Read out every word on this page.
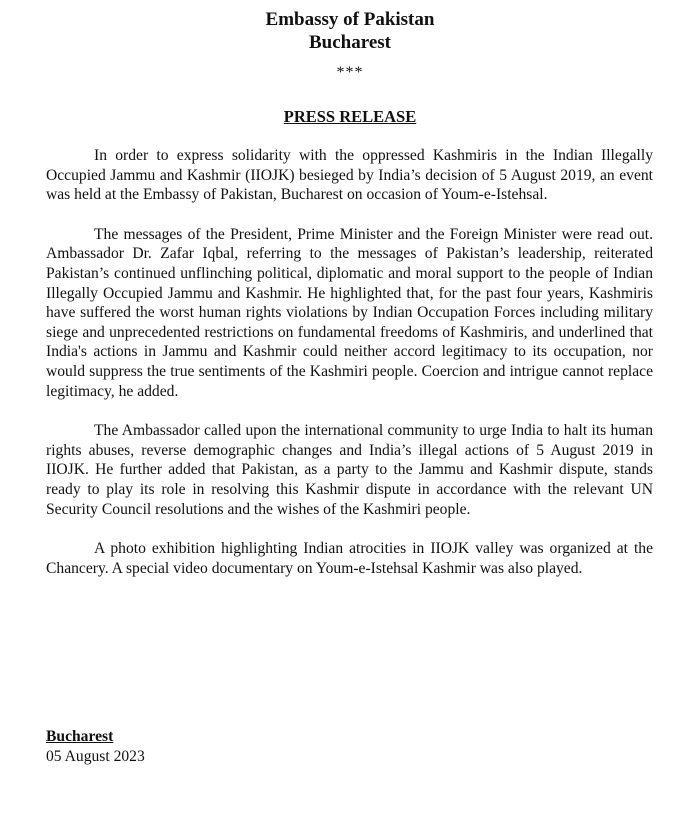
Embassy of Pakistan
Bucharest
***
PRESS RELEASE

In order to express solidarity with the oppressed Kashmiris in the Indian Illegally Occupied Jammu and Kashmir (IIOJK) besieged by India’s decision of 5 August 2019, an event was held at the Embassy of Pakistan, Bucharest on occasion of Youm-e-Istehsal.

The messages of the President, Prime Minister and the Foreign Minister were read out. Ambassador Dr. Zafar Iqbal, referring to the messages of Pakistan’s leadership, reiterated Pakistan’s continued unflinching political, diplomatic and moral support to the people of Indian Illegally Occupied Jammu and Kashmir. He highlighted that, for the past four years, Kashmiris have suffered the worst human rights violations by Indian Occupation Forces including military siege and unprecedented restrictions on fundamental freedoms of Kashmiris, and underlined that India's actions in Jammu and Kashmir could neither accord legitimacy to its occupation, nor would suppress the true sentiments of the Kashmiri people. Coercion and intrigue cannot replace legitimacy, he added.

The Ambassador called upon the international community to urge India to halt its human rights abuses, reverse demographic changes and India’s illegal actions of 5 August 2019 in IIOJK. He further added that Pakistan, as a party to the Jammu and Kashmir dispute, stands ready to play its role in resolving this Kashmir dispute in accordance with the relevant UN Security Council resolutions and the wishes of the Kashmiri people.

A photo exhibition highlighting Indian atrocities in IIOJK valley was organized at the Chancery. A special video documentary on Youm-e-Istehsal Kashmir was also played.

Bucharest
05 August 2023
